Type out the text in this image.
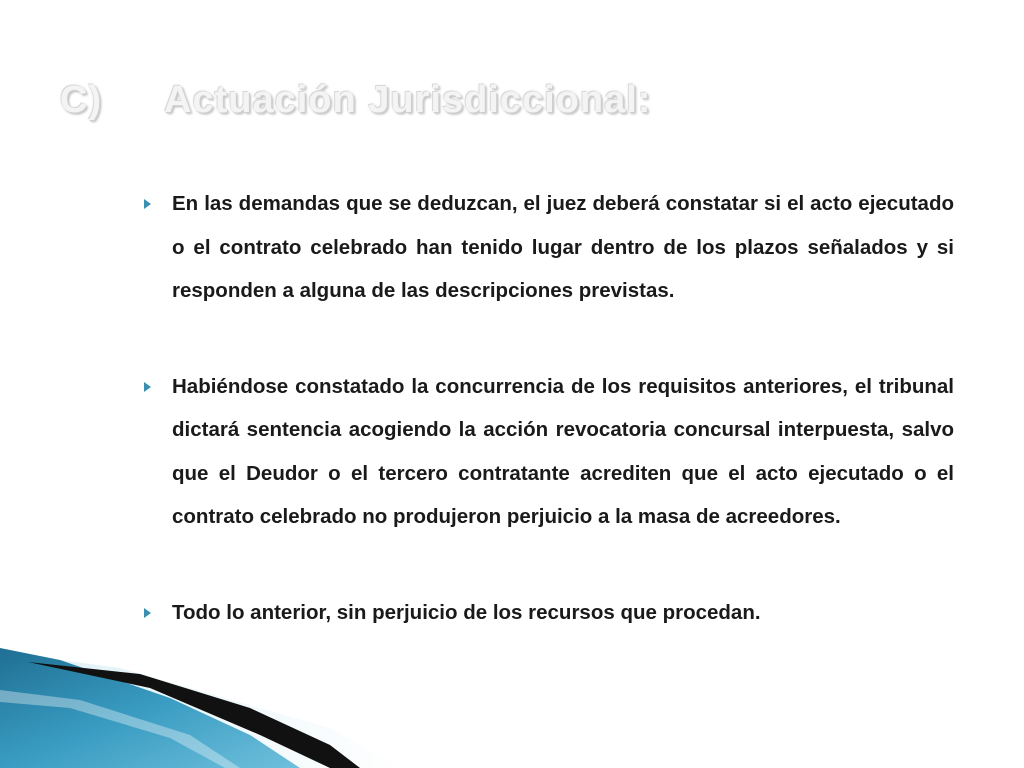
C)	Actuación Jurisdiccional:
En las demandas que se deduzcan, el juez deberá constatar si el acto ejecutado o el contrato celebrado han tenido lugar dentro de los plazos señalados y si responden a alguna de las descripciones previstas.
Habiéndose constatado la concurrencia de los requisitos anteriores, el tribunal dictará sentencia acogiendo la acción revocatoria concursal interpuesta, salvo que el Deudor o el tercero contratante acrediten que el acto ejecutado o el contrato celebrado no produjeron perjuicio a la masa de acreedores.
Todo lo anterior, sin perjuicio de los recursos que procedan.
